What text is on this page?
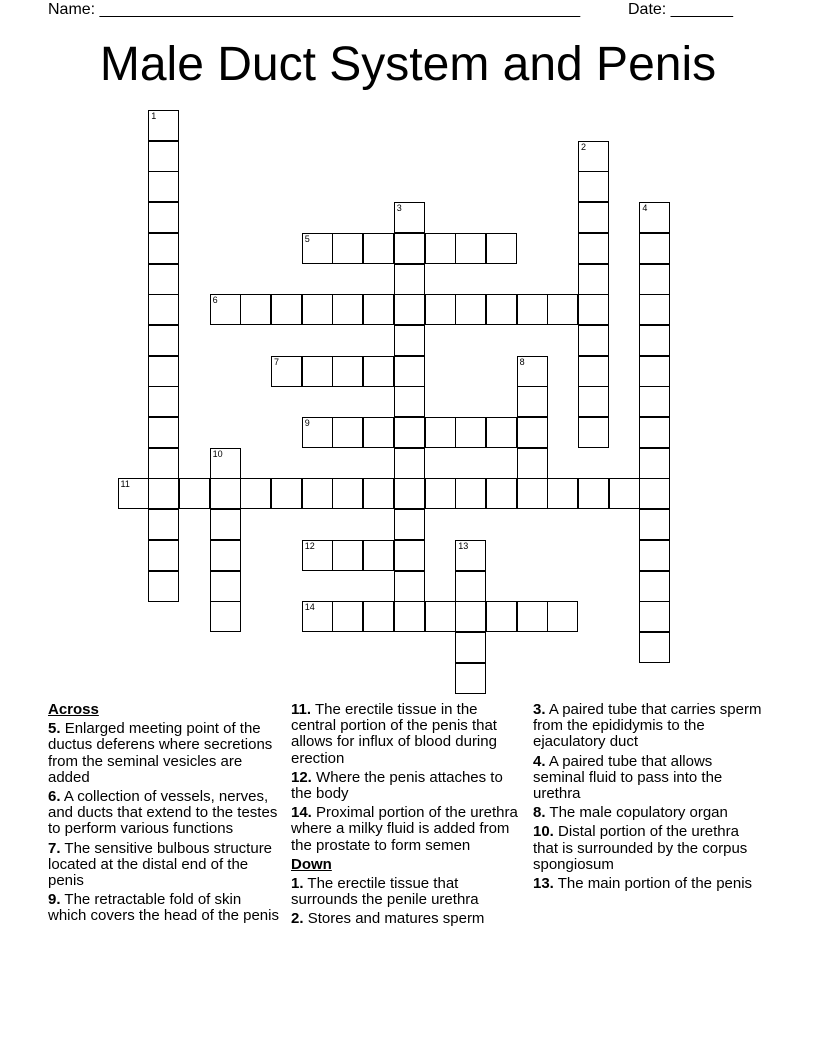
Name: ______________________________________________________	Date: _______
Male Duct System and Penis
1
2
3	4
5
6
7	8
9
10
11
12	13
14
Across
5. Enlarged meeting point of the ductus deferens where secretions from the seminal vesicles are added
6. A collection of vessels, nerves, and ducts that extend to the testes to perform various functions
7. The sensitive bulbous structure located at the distal end of the penis
9. The retractable fold of skin which covers the head of the penis
11. The erectile tissue in the central portion of the penis that allows for influx of blood during erection
12. Where the penis attaches to the body
14. Proximal portion of the urethra where a milky fluid is added from the prostate to form semen
Down
1. The erectile tissue that surrounds the penile urethra
2. Stores and matures sperm
3. A paired tube that carries sperm from the epididymis to the ejaculatory duct
4. A paired tube that allows seminal fluid to pass into the urethra
8. The male copulatory organ
10. Distal portion of the urethra that is surrounded by the corpus spongiosum
13. The main portion of the penis
